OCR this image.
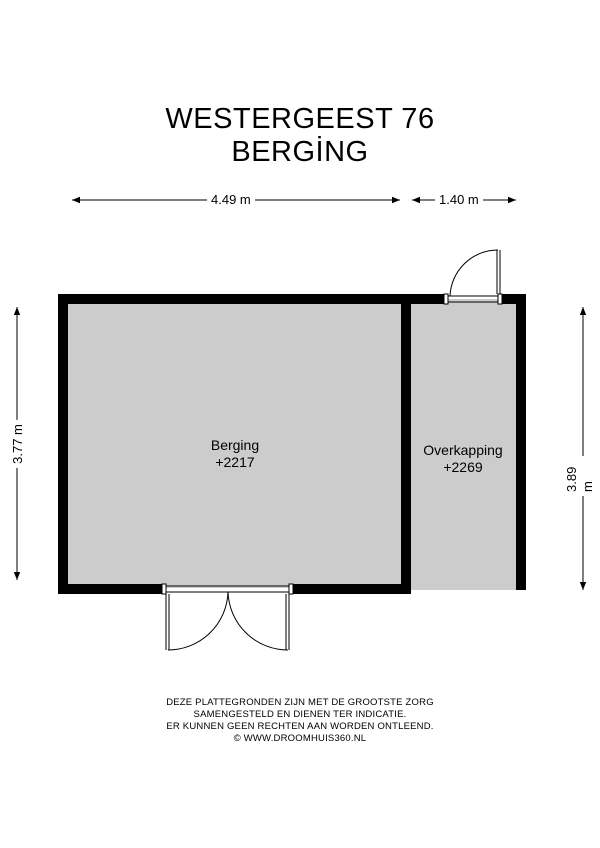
WESTERGEEST 76
BERGİNG
4.49 m	1.40 m
3.77 m
3.89 m
Berging
+2217
Overkapping
+2269
DEZE PLATTEGRONDEN ZIJN MET DE GROOTSTE ZORG
SAMENGESTELD EN DIENEN TER INDICATIE.
ER KUNNEN GEEN RECHTEN AAN WORDEN ONTLEEND.
© WWW.DROOMHUIS360.NL
